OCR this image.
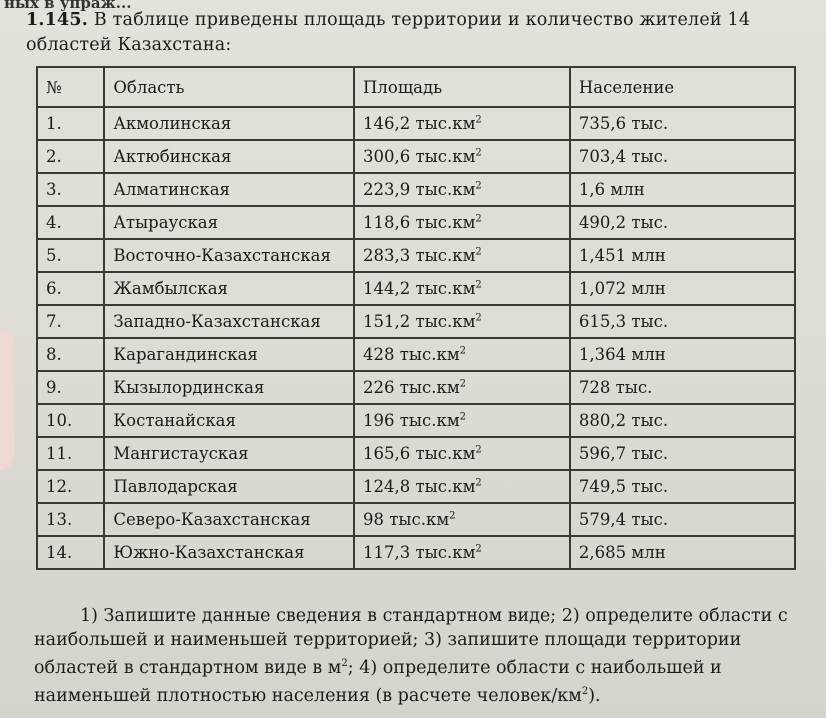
ных в упраж...
1.145. В таблице приведены площадь территории и количество жителей 14 областей Казахстана:
№	Область	Площадь	Население
1.	Акмолинская	146,2 $тыс.км^2$	735,6 тыс.
2.	Актюбинская	300,6 $тыс.км^2$	703,4 тыс.
3.	Алматинская	223,9 $тыс.км^2$	1,6 млн
4.	Атырауская	118,6 $тыс.км^2$	490,2 тыс.
5.	Восточно-Казахстанская	283,3 $тыс.км^2$	1,451 млн
6.	Жамбылская	144,2 $тыс.км^2$	1,072 млн
7.	Западно-Казахстанская	151,2 $тыс.км^2$	615,3 тыс.
8.	Карагандинская	428 $тыс.км^2$	1,364 млн
9.	Кызылординская	226 $тыс.км^2$	728 тыс.
10.	Костанайская	196 $тыс.км^2$	880,2 тыс.
11.	Мангистауская	165,6 $тыс.км^2$	596,7 тыс.
12.	Павлодарская	124,8 $тыс.км^2$	749,5 тыс.
13.	Северо-Казахстанская	98 $тыс.км^2$	579,4 тыс.
14.	Южно-Казахстанская	117,3 $тыс.км^2$	2,685 млн
1) Запишите данные сведения в стандартном виде; 2) определите области с наибольшей и наименьшей территорией; 3) запишите площади территории областей в стандартном виде в $м^2$; 4) определите области с наибольшей и наименьшей плотностью населения (в расчете человек/$км^2$).
